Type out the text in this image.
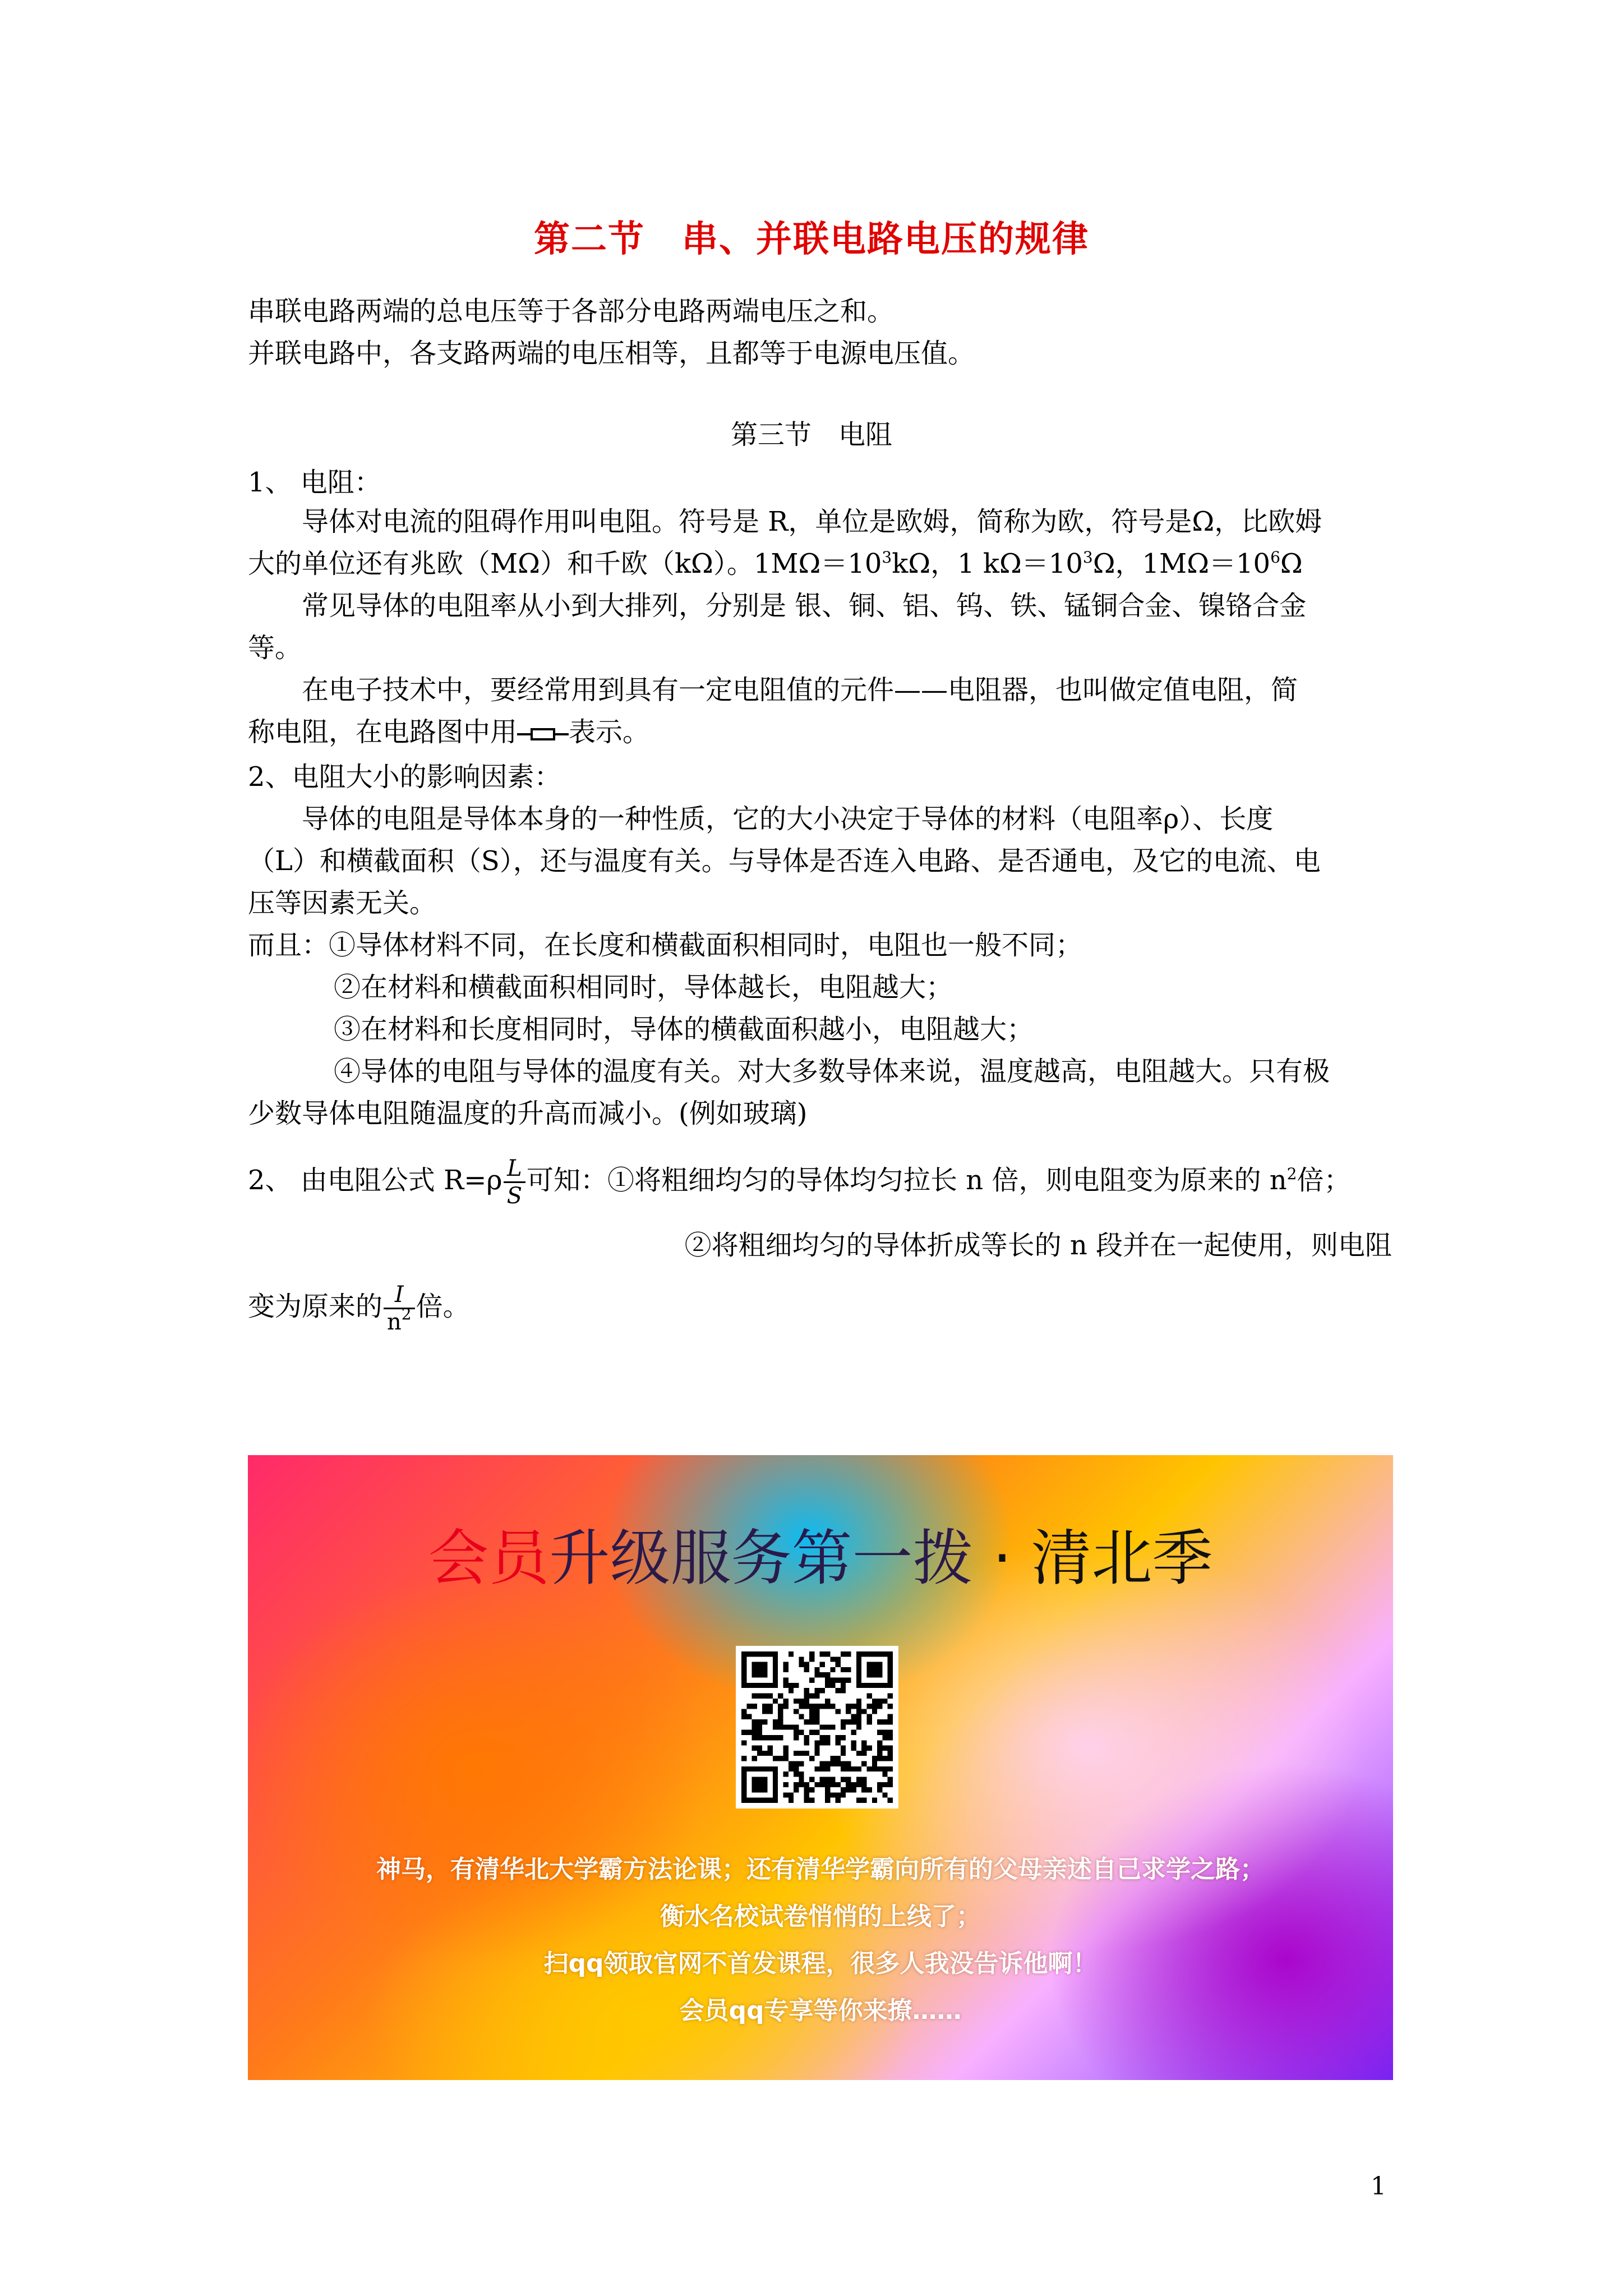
第二节　串、并联电路电压的规律
串联电路两端的总电压等于各部分电路两端电压之和。
并联电路中，各支路两端的电压相等，且都等于电源电压值。
第三节　电阻
1、 电阻：
导体对电流的阻碍作用叫电阻。符号是 R，单位是欧姆，简称为欧，符号是Ω，比欧姆
大的单位还有兆欧（MΩ）和千欧（kΩ）。$1M\Omega=10^3k\Omega$，1 $k\Omega=10^3\Omega$，$1M\Omega=10^6\Omega$
常见导体的电阻率从小到大排列，分别是 银、铜、铝、钨、铁、锰铜合金、镍铬合金
等。
在电子技术中，要经常用到具有一定电阻值的元件——电阻器，也叫做定值电阻，简
称电阻，在电路图中用 表示。
2、电阻大小的影响因素：
导体的电阻是导体本身的一种性质，它的大小决定于导体的材料（电阻率ρ）、长度
（L）和横截面积（S），还与温度有关。与导体是否连入电路、是否通电，及它的电流、电
压等因素无关。
而且：①导体材料不同，在长度和横截面积相同时，电阻也一般不同；
②在材料和横截面积相同时，导体越长，电阻越大；
③在材料和长度相同时，导体的横截面积越小，电阻越大；
④导体的电阻与导体的温度有关。对大多数导体来说，温度越高，电阻越大。只有极
少数导体电阻随温度的升高而减小。(例如玻璃)
2、 由电阻公式 $R=\rho \frac{L}{S}$ 可知：①将粗细均匀的导体均匀拉长 n 倍，则电阻变为原来的 $n^2$倍；
②将粗细均匀的导体折成等长的 n 段并在一起使用，则电阻
变为原来的 $\frac{I}{n^2}$ 倍。
会员升级服务第一拨 · 清北季
神马，有清华北大学霸方法论课；还有清华学霸向所有的父母亲述自己求学之路；
衡水名校试卷悄悄的上线了；
扫qq领取官网不首发课程，很多人我没告诉他啊！
会员qq专享等你来撩……
1
